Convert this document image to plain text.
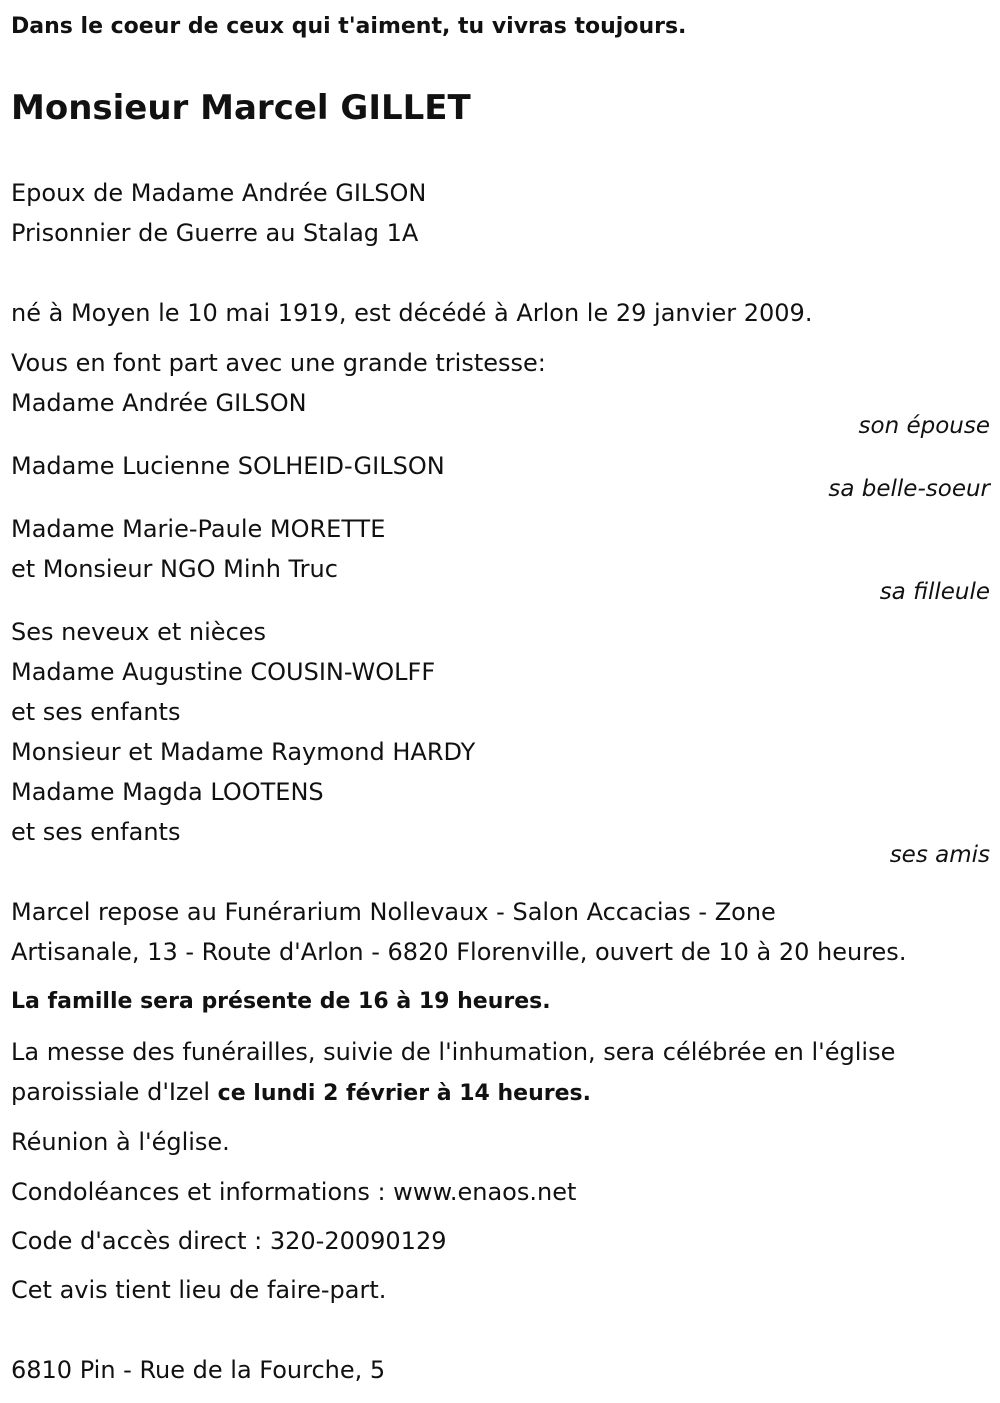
Dans le coeur de ceux qui t'aiment, tu vivras toujours.
Monsieur Marcel GILLET
Epoux de Madame Andrée GILSON
Prisonnier de Guerre au Stalag 1A
né à Moyen le 10 mai 1919, est décédé à Arlon le 29 janvier 2009.
Vous en font part avec une grande tristesse:
Madame Andrée GILSON
son épouse
Madame Lucienne SOLHEID-GILSON
sa belle-soeur
Madame Marie-Paule MORETTE
et Monsieur NGO Minh Truc
sa filleule
Ses neveux et nièces
Madame Augustine COUSIN-WOLFF
et ses enfants
Monsieur et Madame Raymond HARDY
Madame Magda LOOTENS
et ses enfants
ses amis
Marcel repose au Funérarium Nollevaux - Salon Accacias - Zone
Artisanale, 13 - Route d'Arlon - 6820 Florenville, ouvert de 10 à 20 heures.
La famille sera présente de 16 à 19 heures.
La messe des funérailles, suivie de l'inhumation, sera célébrée en l'église
paroissiale d'Izel ce lundi 2 février à 14 heures.
Réunion à l'église.
Condoléances et informations : www.enaos.net
Code d'accès direct : 320-20090129
Cet avis tient lieu de faire-part.
6810 Pin - Rue de la Fourche, 5
